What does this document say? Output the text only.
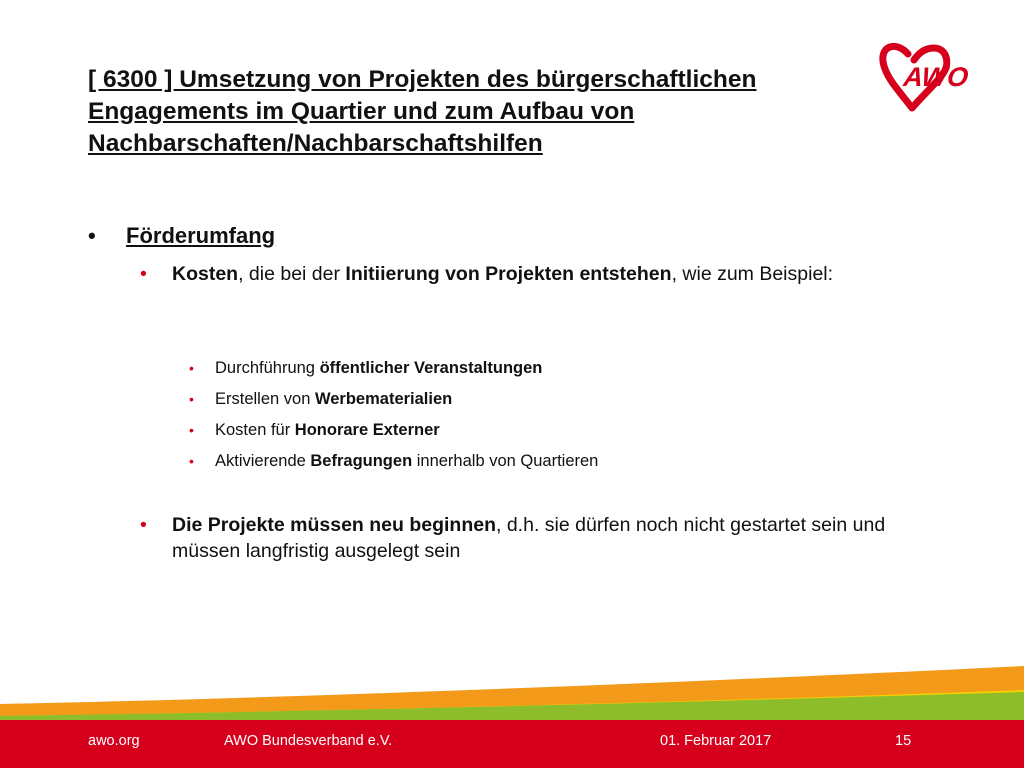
[ 6300 ] Umsetzung von Projekten des bürgerschaftlichen
Engagements im Quartier und zum Aufbau von
Nachbarschaften/Nachbarschaftshilfen
AWO
• Förderumfang
• Kosten, die bei der Initiierung von Projekten entstehen, wie zum Beispiel:
• Durchführung öffentlicher Veranstaltungen
• Erstellen von Werbematerialien
• Kosten für Honorare Externer
• Aktivierende Befragungen innerhalb von Quartieren
• Die Projekte müssen neu beginnen, d.h. sie dürfen noch nicht gestartet sein und müssen langfristig ausgelegt sein
awo.org	AWO Bundesverband e.V.	01. Februar 2017	15
